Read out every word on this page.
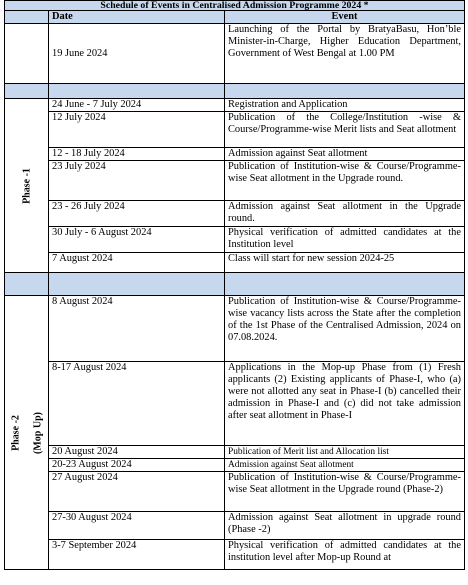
Schedule of Events in Centralised Admission Programme 2024 *		
	Date	Event
	19 June 2024	Launching of the Portal by BratyaBasu, Hon’ble Minister-in-Charge, Higher Education Department, Government of West Bengal at 1.00 PM

Phase -1	24 June - 7 July 2024	Registration and Application
	12 July 2024	Publication of the College/Institution -wise & Course/Programme-wise Merit lists and Seat allotment
	12 - 18 July 2024	Admission against Seat allotment
	23 July 2024	Publication of Institution-wise & Course/Programme-wise Seat allotment in the Upgrade round.
	23 - 26 July 2024	Admission against Seat allotment in the Upgrade round.
	30 July - 6 August 2024	Physical verification of admitted candidates at the Institution level
	7 August 2024	Class will start for new session 2024-25

Phase -2 (Mop Up)	8 August 2024	Publication of Institution-wise & Course/Programme-wise vacancy lists across the State after the completion of the 1st Phase of the Centralised Admission, 2024 on 07.08.2024.
	8-17 August 2024	Applications in the Mop-up Phase from (1) Fresh applicants (2) Existing applicants of Phase-I, who (a) were not allotted any seat in Phase-I (b) cancelled their admission in Phase-I and (c) did not take admission after seat allotment in Phase-I
	20 August 2024	Publication of Merit list and Allocation list
	20-23 August 2024	Admission against Seat allotment
	27 August 2024	Publication of Institution-wise & Course/Programme-wise Seat allotment in the Upgrade round (Phase-2)
	27-30 August 2024	Admission against Seat allotment in upgrade round (Phase -2)
	3-7 September 2024	Physical verification of admitted candidates at the institution level after Mop-up Round at
